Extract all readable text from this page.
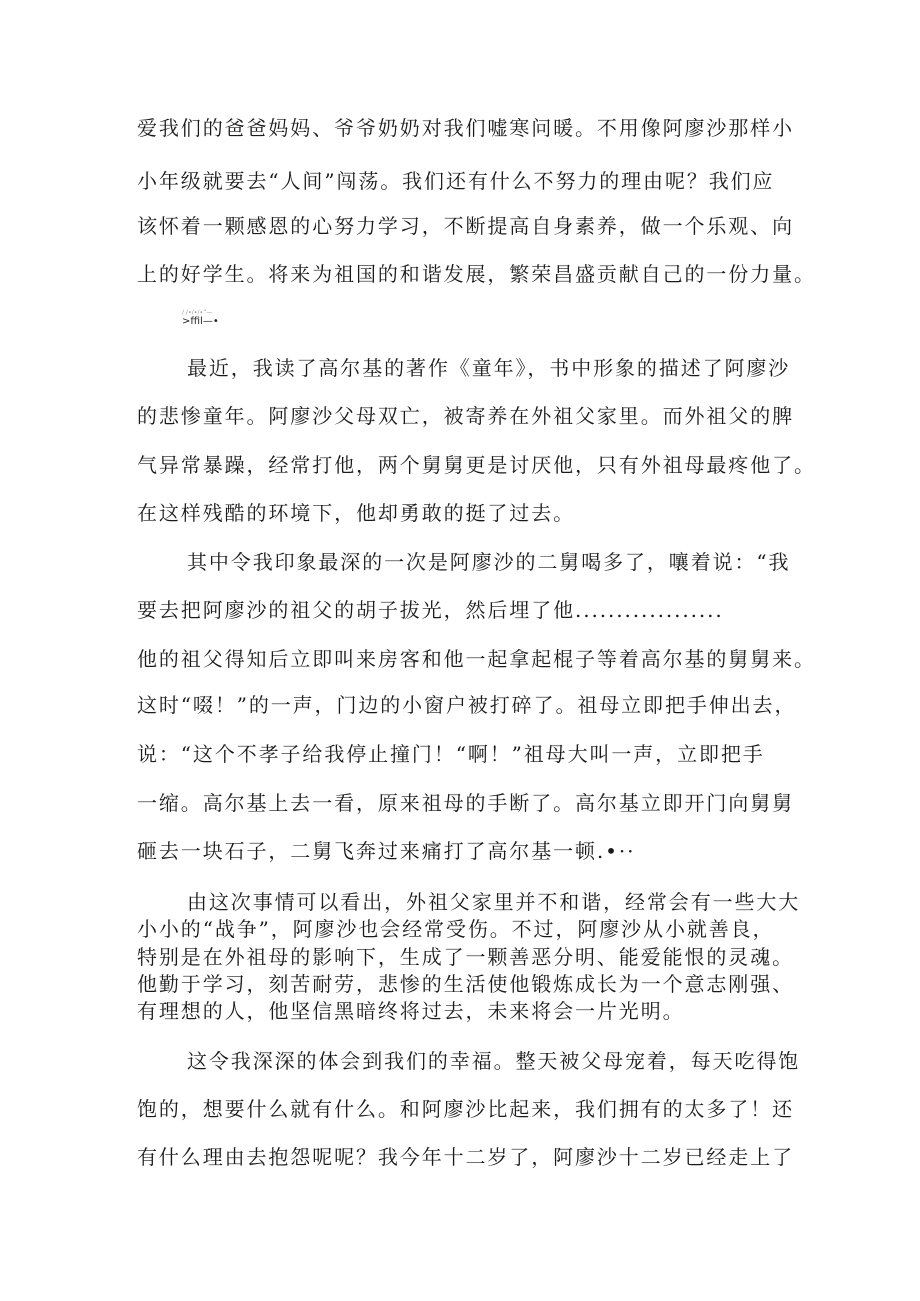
爱我们的爸爸妈妈、爷爷奶奶对我们嘘寒问暖。不用像阿廖沙那样小

小年级就要去“人间”闯荡。我们还有什么不努力的理由呢？我们应

该怀着一颗感恩的心努力学习，不断提高自身素养，做一个乐观、向

上的好学生。将来为祖国的和谐发展，繁荣昌盛贡献自己的一份力量。

∕ ∕∙∕∙∕∙“—
>ffil—•

最近，我读了高尔基的著作《童年》，书中形象的描述了阿廖沙

的悲惨童年。阿廖沙父母双亡，被寄养在外祖父家里。而外祖父的脾

气异常暴躁，经常打他，两个舅舅更是讨厌他，只有外祖母最疼他了。

在这样残酷的环境下，他却勇敢的挺了过去。

其中令我印象最深的一次是阿廖沙的二舅喝多了，嚷着说：“我

要去把阿廖沙的祖父的胡子拔光，然后埋了他..................

他的祖父得知后立即叫来房客和他一起拿起棍子等着高尔基的舅舅来。

这时“啜！”的一声，门边的小窗户被打碎了。祖母立即把手伸出去，

说：“这个不孝子给我停止撞门！“啊！”祖母大叫一声，立即把手

一缩。高尔基上去一看，原来祖母的手断了。高尔基立即开门向舅舅

砸去一块石子，二舅飞奔过来痛打了高尔基一顿.•··

由这次事情可以看出，外祖父家里并不和谐，经常会有一些大大

小小的“战争”，阿廖沙也会经常受伤。不过，阿廖沙从小就善良，

特别是在外祖母的影响下，生成了一颗善恶分明、能爱能恨的灵魂。

他勤于学习，刻苦耐劳，悲惨的生活使他锻炼成长为一个意志刚强、

有理想的人，他坚信黑暗终将过去，未来将会一片光明。

这令我深深的体会到我们的幸福。整天被父母宠着，每天吃得饱

饱的，想要什么就有什么。和阿廖沙比起来，我们拥有的太多了！还

有什么理由去抱怨呢呢？我今年十二岁了，阿廖沙十二岁已经走上了
